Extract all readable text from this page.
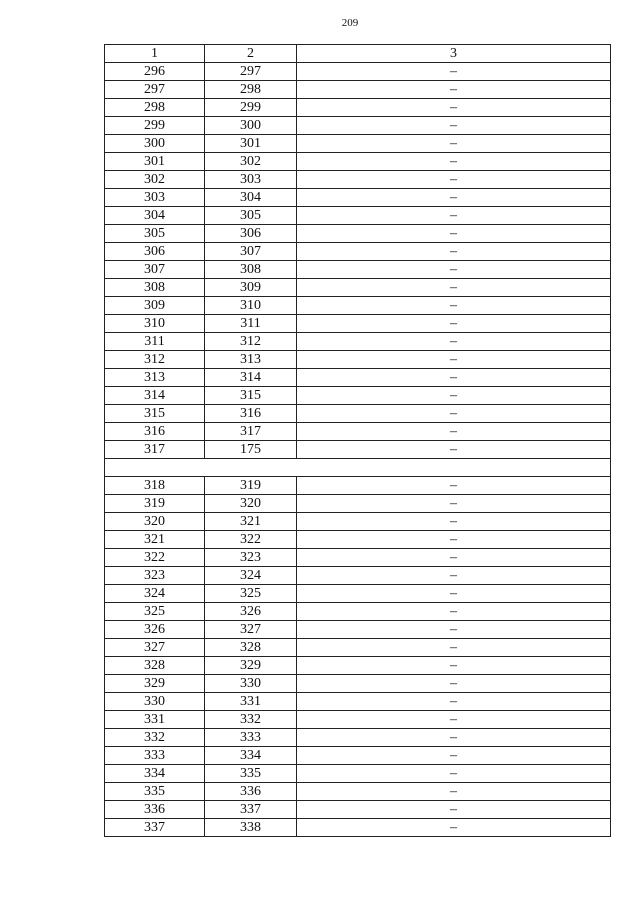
209
1	2	3
296	297	–
297	298	–
298	299	–
299	300	–
300	301	–
301	302	–
302	303	–
303	304	–
304	305	–
305	306	–
306	307	–
307	308	–
308	309	–
309	310	–
310	311	–
311	312	–
312	313	–
313	314	–
314	315	–
315	316	–
316	317	–
317	175	–

318	319	–
319	320	–
320	321	–
321	322	–
322	323	–
323	324	–
324	325	–
325	326	–
326	327	–
327	328	–
328	329	–
329	330	–
330	331	–
331	332	–
332	333	–
333	334	–
334	335	–
335	336	–
336	337	–
337	338	–
